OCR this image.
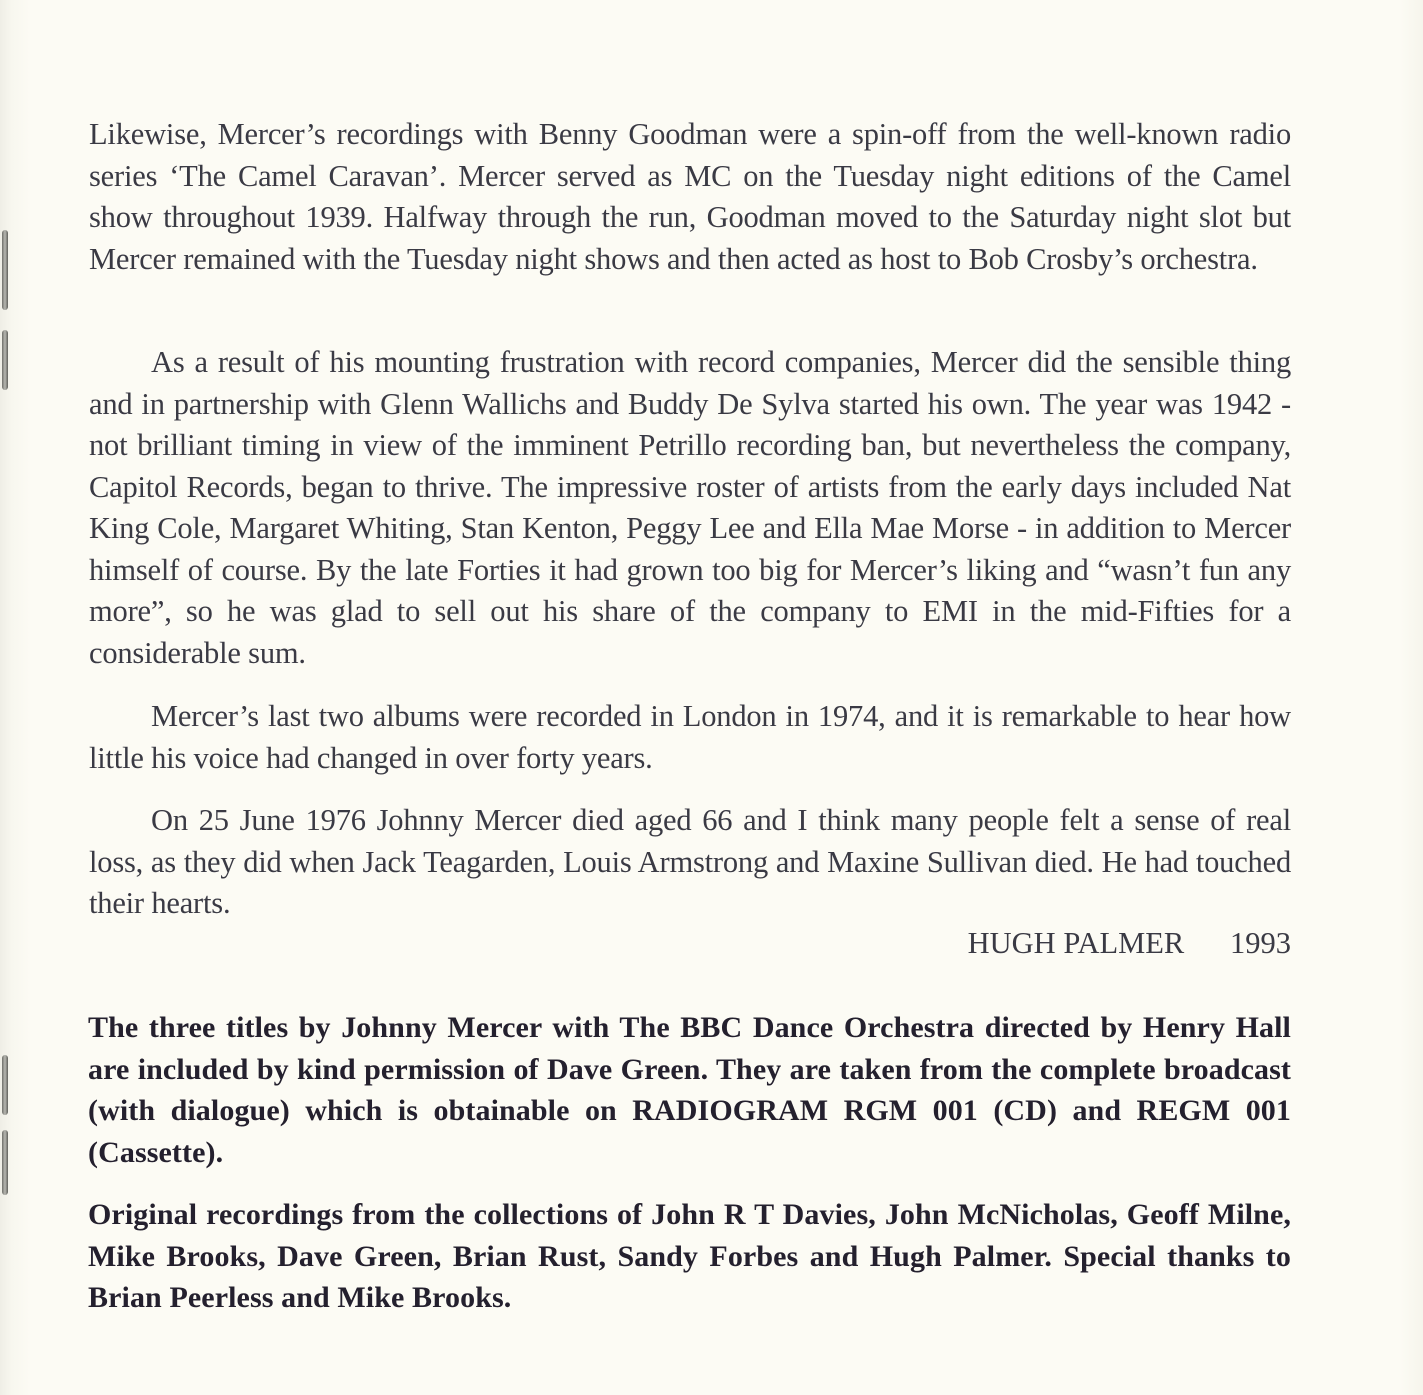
Likewise, Mercer’s recordings with Benny Goodman were a spin-off from the well-known radio series ‘The Camel Caravan’. Mercer served as MC on the Tuesday night editions of the Camel show throughout 1939. Halfway through the run, Goodman moved to the Saturday night slot but Mercer remained with the Tuesday night shows and then acted as host to Bob Crosby’s orchestra.

As a result of his mounting frustration with record companies, Mercer did the sensible thing and in partnership with Glenn Wallichs and Buddy De Sylva started his own. The year was 1942 - not brilliant timing in view of the imminent Petrillo recording ban, but nevertheless the company, Capitol Records, began to thrive. The impressive roster of artists from the early days included Nat King Cole, Margaret Whiting, Stan Kenton, Peggy Lee and Ella Mae Morse - in addition to Mercer himself of course. By the late Forties it had grown too big for Mercer’s liking and “wasn’t fun any more”, so he was glad to sell out his share of the company to EMI in the mid-Fifties for a considerable sum.

Mercer’s last two albums were recorded in London in 1974, and it is remarkable to hear how little his voice had changed in over forty years.

On 25 June 1976 Johnny Mercer died aged 66 and I think many people felt a sense of real loss, as they did when Jack Teagarden, Louis Armstrong and Maxine Sullivan died. He had touched their hearts.

HUGH PALMER 1993

The three titles by Johnny Mercer with The BBC Dance Orchestra directed by Henry Hall are included by kind permission of Dave Green. They are taken from the complete broadcast (with dialogue) which is obtainable on RADIOGRAM RGM 001 (CD) and REGM 001 (Cassette).

Original recordings from the collections of John R T Davies, John McNicholas, Geoff Milne, Mike Brooks, Dave Green, Brian Rust, Sandy Forbes and Hugh Palmer. Special thanks to Brian Peerless and Mike Brooks.
